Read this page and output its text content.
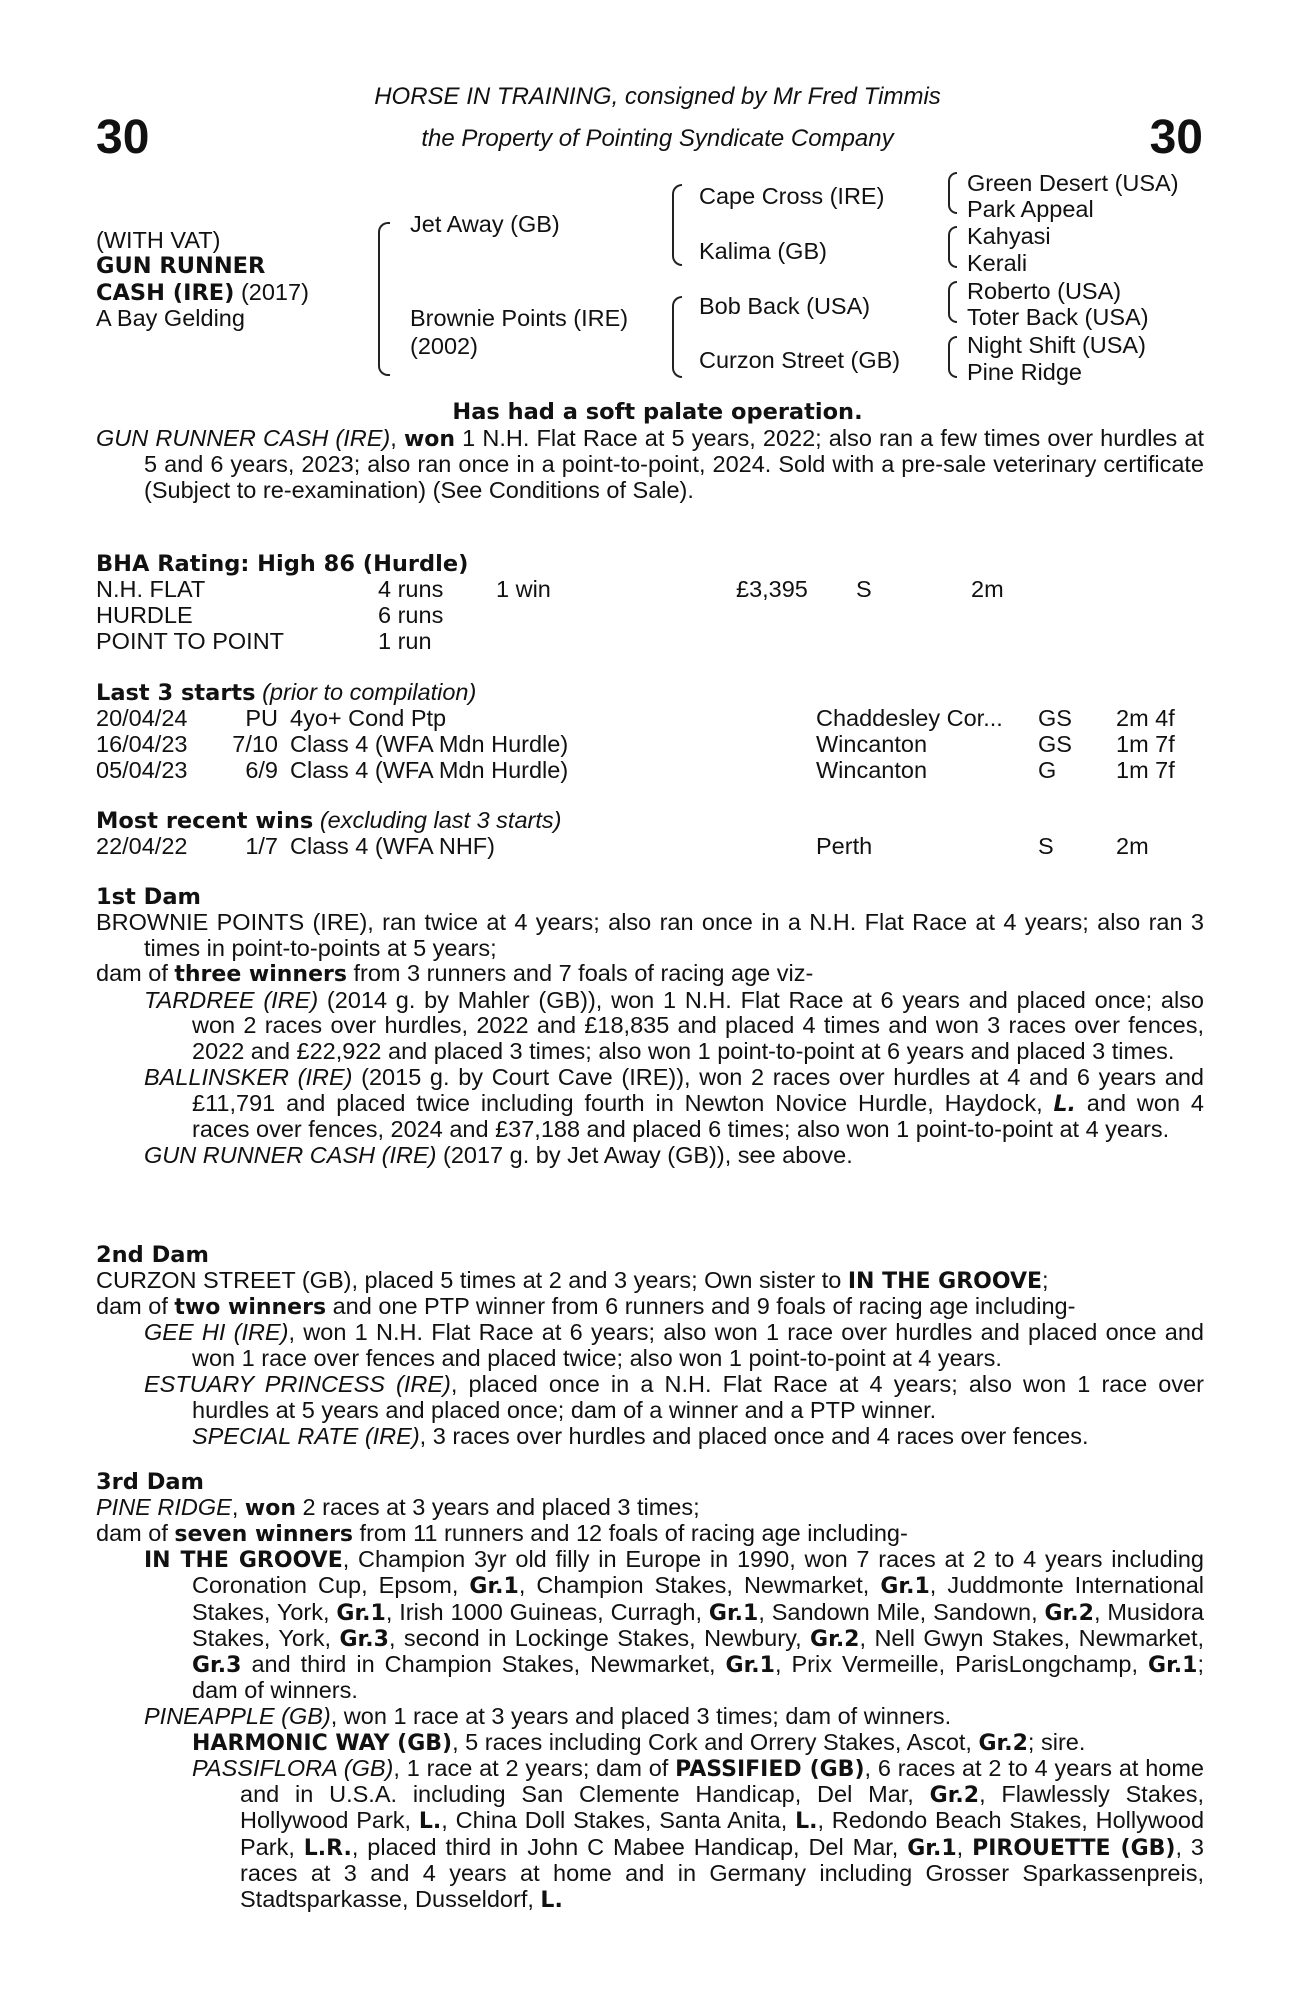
30	30
HORSE IN TRAINING, consigned by Mr Fred Timmis
the Property of Pointing Syndicate Company
(WITH VAT)
GUN RUNNER
CASH (IRE) (2017)
A Bay Gelding
Jet Away (GB)
Brownie Points (IRE)
(2002)
Cape Cross (IRE)
Kalima (GB)
Bob Back (USA)
Curzon Street (GB)
Green Desert (USA)
Park Appeal
Kahyasi
Kerali
Roberto (USA)
Toter Back (USA)
Night Shift (USA)
Pine Ridge
Has had a soft palate operation.

GUN RUNNER CASH (IRE), won 1 N.H. Flat Race at 5 years, 2022; also ran a few times over hurdles at 5 and 6 years, 2023; also ran once in a point-to-point, 2024. Sold with a pre-sale veterinary certificate (Subject to re-examination) (See Conditions of Sale).

BHA Rating: High 86 (Hurdle)
N.H. FLAT	4 runs 1 win	£3,395 S	2m
HURDLE	6 runs
POINT TO POINT	1 run
Last 3 starts (prior to compilation)
20/04/24 PU 4yo+ Cond Ptp	Chaddesley Cor... GS 2m 4f
16/04/23 7/10 Class 4 (WFA Mdn Hurdle)	Wincanton	GS 1m 7f
05/04/23 6/9 Class 4 (WFA Mdn Hurdle)	Wincanton	G	1m 7f
Most recent wins (excluding last 3 starts)
22/04/22 1/7 Class 4 (WFA NHF)	Perth	S	2m
1st Dam

BROWNIE POINTS (IRE), ran twice at 4 years; also ran once in a N.H. Flat Race at 4 years; also ran 3 times in point-to-points at 5 years;

dam of three winners from 3 runners and 7 foals of racing age viz-

TARDREE (IRE) (2014 g. by Mahler (GB)), won 1 N.H. Flat Race at 6 years and placed once; also won 2 races over hurdles, 2022 and £18,835 and placed 4 times and won 3 races over fences, 2022 and £22,922 and placed 3 times; also won 1 point-to-point at 6 years and placed 3 times.

BALLINSKER (IRE) (2015 g. by Court Cave (IRE)), won 2 races over hurdles at 4 and 6 years and £11,791 and placed twice including fourth in Newton Novice Hurdle, Haydock, L. and won 4 races over fences, 2024 and £37,188 and placed 6 times; also won 1 point-to-point at 4 years.

GUN RUNNER CASH (IRE) (2017 g. by Jet Away (GB)), see above.

2nd Dam

CURZON STREET (GB), placed 5 times at 2 and 3 years; Own sister to IN THE GROOVE;

dam of two winners and one PTP winner from 6 runners and 9 foals of racing age including-

GEE HI (IRE), won 1 N.H. Flat Race at 6 years; also won 1 race over hurdles and placed once and won 1 race over fences and placed twice; also won 1 point-to-point at 4 years.

ESTUARY PRINCESS (IRE), placed once in a N.H. Flat Race at 4 years; also won 1 race over hurdles at 5 years and placed once; dam of a winner and a PTP winner.

SPECIAL RATE (IRE), 3 races over hurdles and placed once and 4 races over fences.

3rd Dam

PINE RIDGE, won 2 races at 3 years and placed 3 times;

dam of seven winners from 11 runners and 12 foals of racing age including-

IN THE GROOVE, Champion 3yr old filly in Europe in 1990, won 7 races at 2 to 4 years including Coronation Cup, Epsom, Gr.1, Champion Stakes, Newmarket, Gr.1, Juddmonte International Stakes, York, Gr.1, Irish 1000 Guineas, Curragh, Gr.1, Sandown Mile, Sandown, Gr.2, Musidora Stakes, York, Gr.3, second in Lockinge Stakes, Newbury, Gr.2, Nell Gwyn Stakes, Newmarket, Gr.3 and third in Champion Stakes, Newmarket, Gr.1, Prix Vermeille, ParisLongchamp, Gr.1; dam of winners.

PINEAPPLE (GB), won 1 race at 3 years and placed 3 times; dam of winners.

HARMONIC WAY (GB), 5 races including Cork and Orrery Stakes, Ascot, Gr.2; sire.

PASSIFLORA (GB), 1 race at 2 years; dam of PASSIFIED (GB), 6 races at 2 to 4 years at home and in U.S.A. including San Clemente Handicap, Del Mar, Gr.2, Flawlessly Stakes, Hollywood Park, L., China Doll Stakes, Santa Anita, L., Redondo Beach Stakes, Hollywood Park, L.R., placed third in John C Mabee Handicap, Del Mar, Gr.1, PIROUETTE (GB), 3 races at 3 and 4 years at home and in Germany including Grosser Sparkassenpreis, Stadtsparkasse, Dusseldorf, L.
